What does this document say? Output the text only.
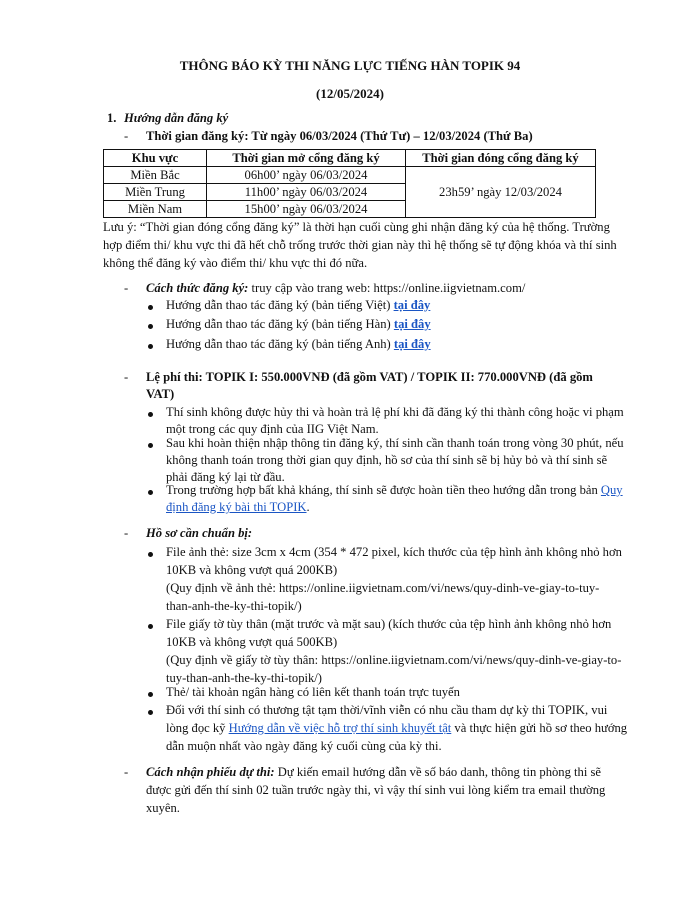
THÔNG BÁO KỲ THI NĂNG LỰC TIẾNG HÀN TOPIK 94
(12/05/2024)
1. Hướng dẫn đăng ký
- Thời gian đăng ký: Từ ngày 06/03/2024 (Thứ Tư) – 12/03/2024 (Thứ Ba)
Khu vực	Thời gian mở cổng đăng ký	Thời gian đóng cổng đăng ký
Miền Bắc	06h00’ ngày 06/03/2024	23h59’ ngày 12/03/2024
Miền Trung	11h00’ ngày 06/03/2024	
Miền Nam	15h00’ ngày 06/03/2024	
Lưu ý: “Thời gian đóng cổng đăng ký” là thời hạn cuối cùng ghi nhận đăng ký của hệ thống. Trường
hợp điểm thi/ khu vực thi đã hết chỗ trống trước thời gian này thì hệ thống sẽ tự động khóa và thí sinh
không thể đăng ký vào điểm thi/ khu vực thi đó nữa.
- Cách thức đăng ký: truy cập vào trang web: https://online.iigvietnam.com/
Hướng dẫn thao tác đăng ký (bản tiếng Việt) tại đây
Hướng dẫn thao tác đăng ký (bản tiếng Hàn) tại đây
Hướng dẫn thao tác đăng ký (bản tiếng Anh) tại đây
- Lệ phí thi: TOPIK I: 550.000VNĐ (đã gồm VAT) / TOPIK II: 770.000VNĐ (đã gồm
VAT)
Thí sinh không được hủy thi và hoàn trả lệ phí khi đã đăng ký thi thành công hoặc vi phạm
một trong các quy định của IIG Việt Nam.
Sau khi hoàn thiện nhập thông tin đăng ký, thí sinh cần thanh toán trong vòng 30 phút, nếu
không thanh toán trong thời gian quy định, hồ sơ của thí sinh sẽ bị hủy bỏ và thí sinh sẽ
phải đăng ký lại từ đầu.
Trong trường hợp bất khả kháng, thí sinh sẽ được hoàn tiền theo hướng dẫn trong bản Quy
định đăng ký bài thi TOPIK.
- Hồ sơ cần chuẩn bị:
File ảnh thẻ: size 3cm x 4cm (354 * 472 pixel, kích thước của tệp hình ảnh không nhỏ hơn
10KB và không vượt quá 200KB)
(Quy định về ảnh thẻ: https://online.iigvietnam.com/vi/news/quy-dinh-ve-giay-to-tuy-
than-anh-the-ky-thi-topik/)
File giấy tờ tùy thân (mặt trước và mặt sau) (kích thước của tệp hình ảnh không nhỏ hơn
10KB và không vượt quá 500KB)
(Quy định về giấy tờ tùy thân: https://online.iigvietnam.com/vi/news/quy-dinh-ve-giay-to-
tuy-than-anh-the-ky-thi-topik/)
Thẻ/ tài khoản ngân hàng có liên kết thanh toán trực tuyến
Đối với thí sinh có thương tật tạm thời/vĩnh viễn có nhu cầu tham dự kỳ thi TOPIK, vui
lòng đọc kỹ Hướng dẫn về việc hỗ trợ thí sinh khuyết tật và thực hiện gửi hồ sơ theo hướng
dẫn muộn nhất vào ngày đăng ký cuối cùng của kỳ thi.
- Cách nhận phiếu dự thi: Dự kiến email hướng dẫn về số báo danh, thông tin phòng thi sẽ
được gửi đến thí sinh 02 tuần trước ngày thi, vì vậy thí sinh vui lòng kiểm tra email thường
xuyên.
